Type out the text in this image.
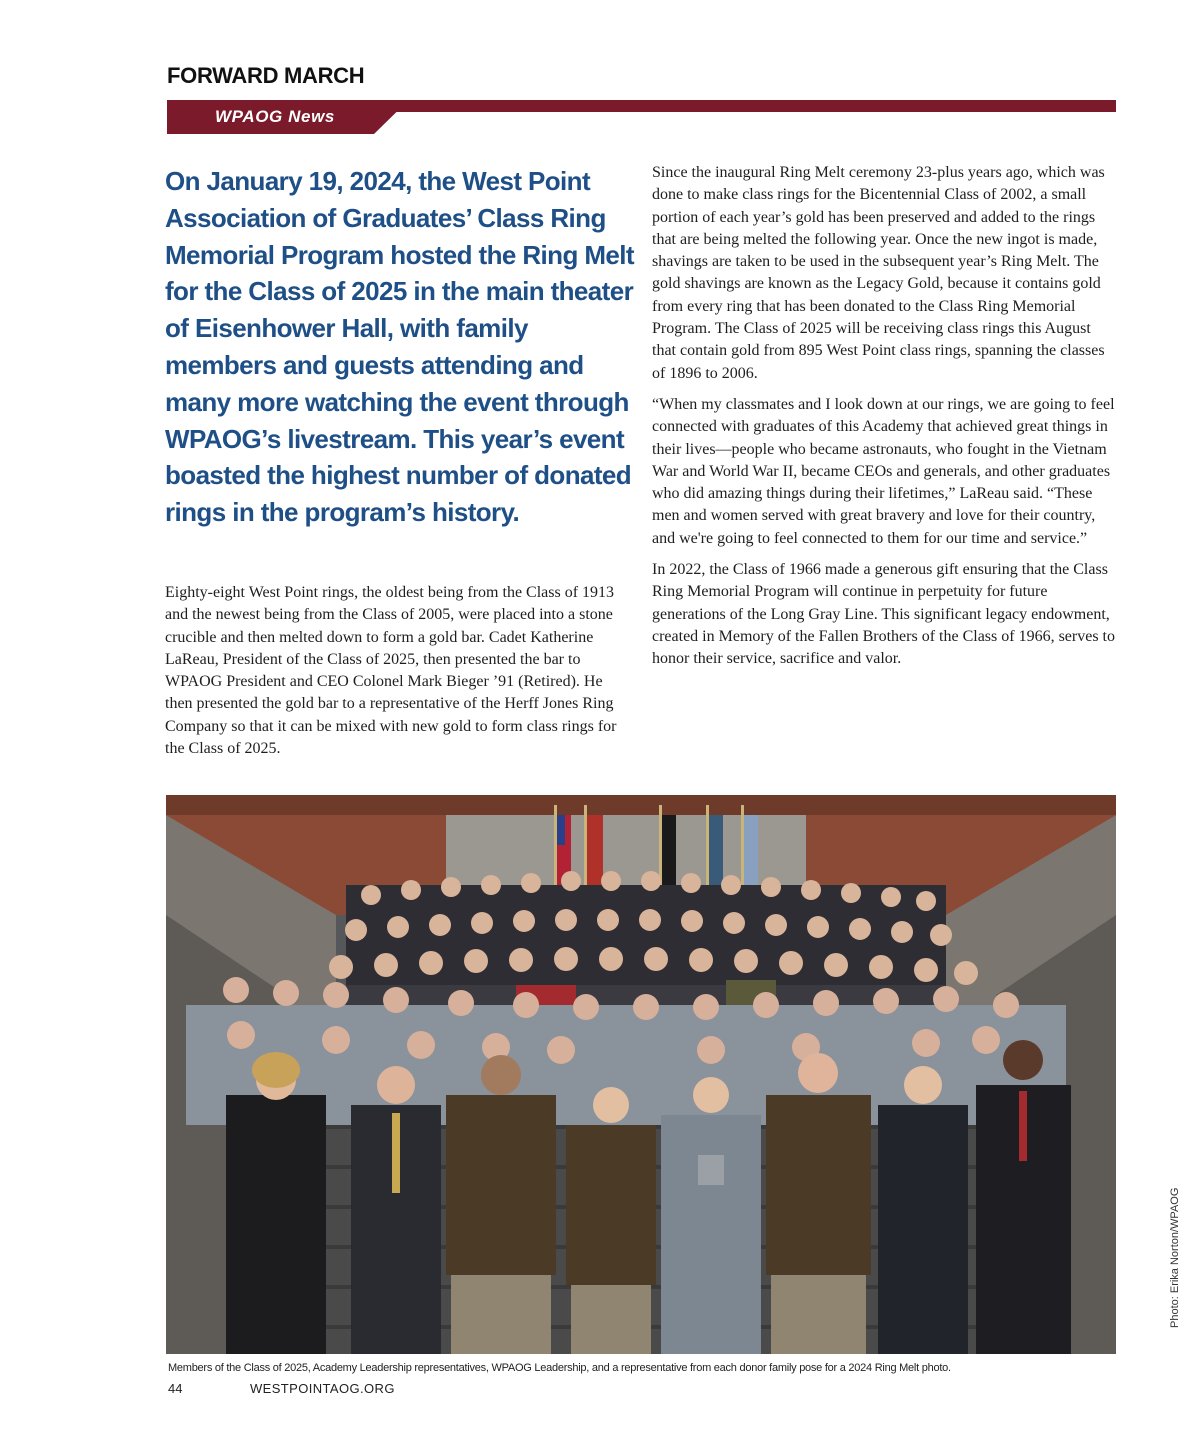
FORWARD MARCH
WPAOG News

On January 19, 2024, the West Point Association of Graduates’ Class Ring Memorial Program hosted the Ring Melt for the Class of 2025 in the main theater of Eisenhower Hall, with family members and guests attending and many more watching the event through WPAOG’s livestream. This year’s event boasted the highest number of donated rings in the program’s history.

Eighty-eight West Point rings, the oldest being from the Class of 1913 and the newest being from the Class of 2005, were placed into a stone crucible and then melted down to form a gold bar. Cadet Katherine LaReau, President of the Class of 2025, then presented the bar to WPAOG President and CEO Colonel Mark Bieger ’91 (Retired). He then presented the gold bar to a representative of the Herff Jones Ring Company so that it can be mixed with new gold to form class rings for the Class of 2025.

Since the inaugural Ring Melt ceremony 23-plus years ago, which was done to make class rings for the Bicentennial Class of 2002, a small portion of each year’s gold has been preserved and added to the rings that are being melted the following year. Once the new ingot is made, shavings are taken to be used in the subsequent year’s Ring Melt. The gold shavings are known as the Legacy Gold, because it contains gold from every ring that has been donated to the Class Ring Memorial Program. The Class of 2025 will be receiving class rings this August that contain gold from 895 West Point class rings, spanning the classes of 1896 to 2006.

“When my classmates and I look down at our rings, we are going to feel connected with graduates of this Academy that achieved great things in their lives—people who became astronauts, who fought in the Vietnam War and World War II, became CEOs and generals, and other graduates who did amazing things during their lifetimes,” LaReau said. “These men and women served with great bravery and love for their country, and we're going to feel connected to them for our time and service.”

In 2022, the Class of 1966 made a generous gift ensuring that the Class Ring Memorial Program will continue in perpetuity for future generations of the Long Gray Line. This significant legacy endowment, created in Memory of the Fallen Brothers of the Class of 1966, serves to honor their service, sacrifice and valor.

Members of the Class of 2025, Academy Leadership representatives, WPAOG Leadership, and a representative from each donor family pose for a 2024 Ring Melt photo.
Photo: Erika Norton/WPAOG
44	WESTPOINTAOG.ORG
